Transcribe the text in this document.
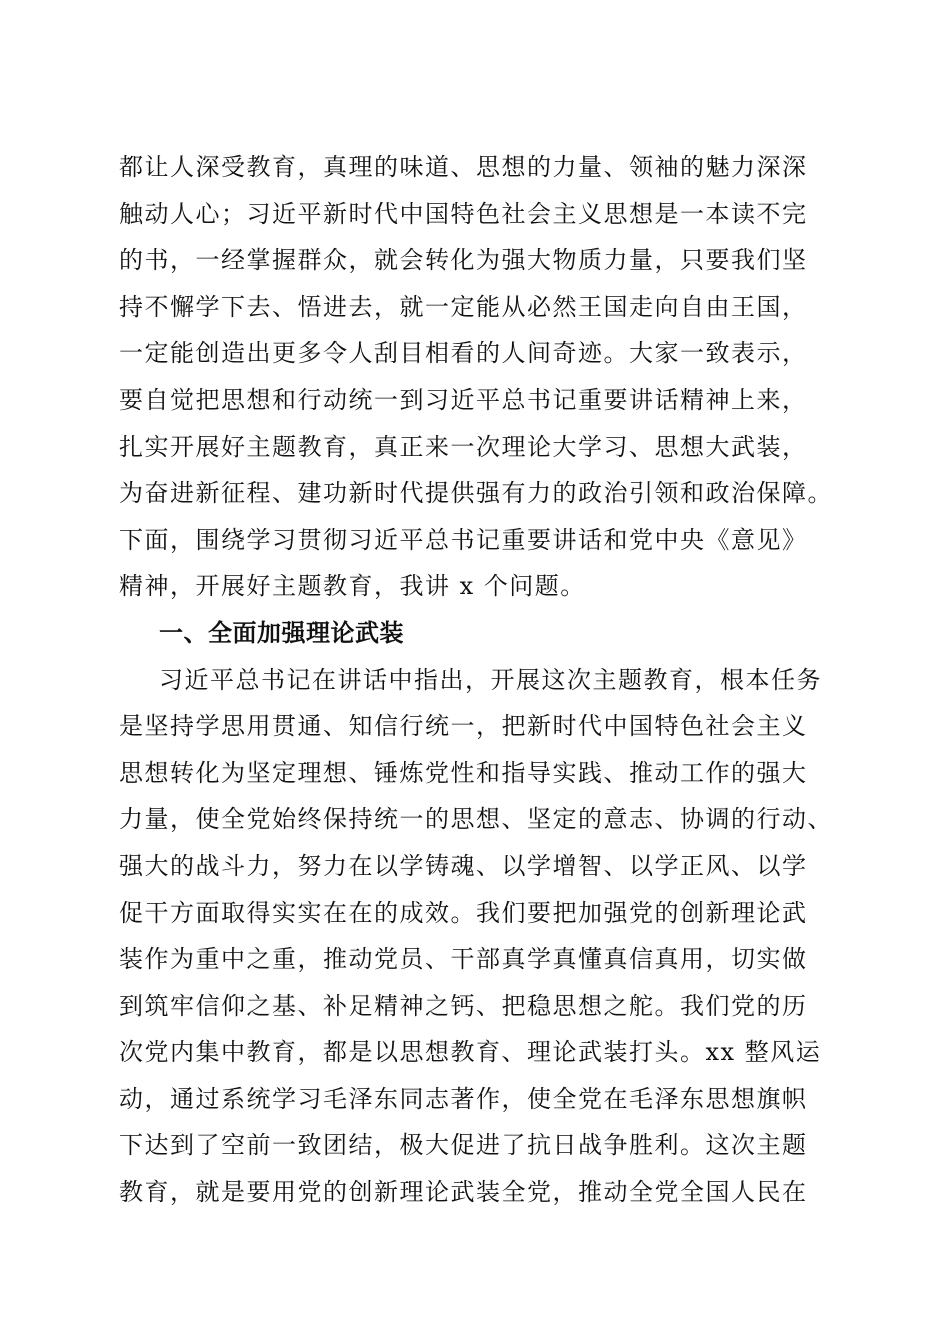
都让人深受教育，真理的味道、思想的力量、领袖的魅力深深
触动人心；习近平新时代中国特色社会主义思想是一本读不完
的书，一经掌握群众，就会转化为强大物质力量，只要我们坚
持不懈学下去、悟进去，就一定能从必然王国走向自由王国，
一定能创造出更多令人刮目相看的人间奇迹。大家一致表示，
要自觉把思想和行动统一到习近平总书记重要讲话精神上来，
扎实开展好主题教育，真正来一次理论大学习、思想大武装，
为奋进新征程、建功新时代提供强有力的政治引领和政治保障。
下面，围绕学习贯彻习近平总书记重要讲话和党中央《意见》
精神，开展好主题教育，我讲 x 个问题。
一、全面加强理论武装
习近平总书记在讲话中指出，开展这次主题教育，根本任务
是坚持学思用贯通、知信行统一，把新时代中国特色社会主义
思想转化为坚定理想、锤炼党性和指导实践、推动工作的强大
力量，使全党始终保持统一的思想、坚定的意志、协调的行动、
强大的战斗力，努力在以学铸魂、以学增智、以学正风、以学
促干方面取得实实在在的成效。我们要把加强党的创新理论武
装作为重中之重，推动党员、干部真学真懂真信真用，切实做
到筑牢信仰之基、补足精神之钙、把稳思想之舵。我们党的历
次党内集中教育，都是以思想教育、理论武装打头。xx 整风运
动，通过系统学习毛泽东同志著作，使全党在毛泽东思想旗帜
下达到了空前一致团结，极大促进了抗日战争胜利。这次主题
教育，就是要用党的创新理论武装全党，推动全党全国人民在
